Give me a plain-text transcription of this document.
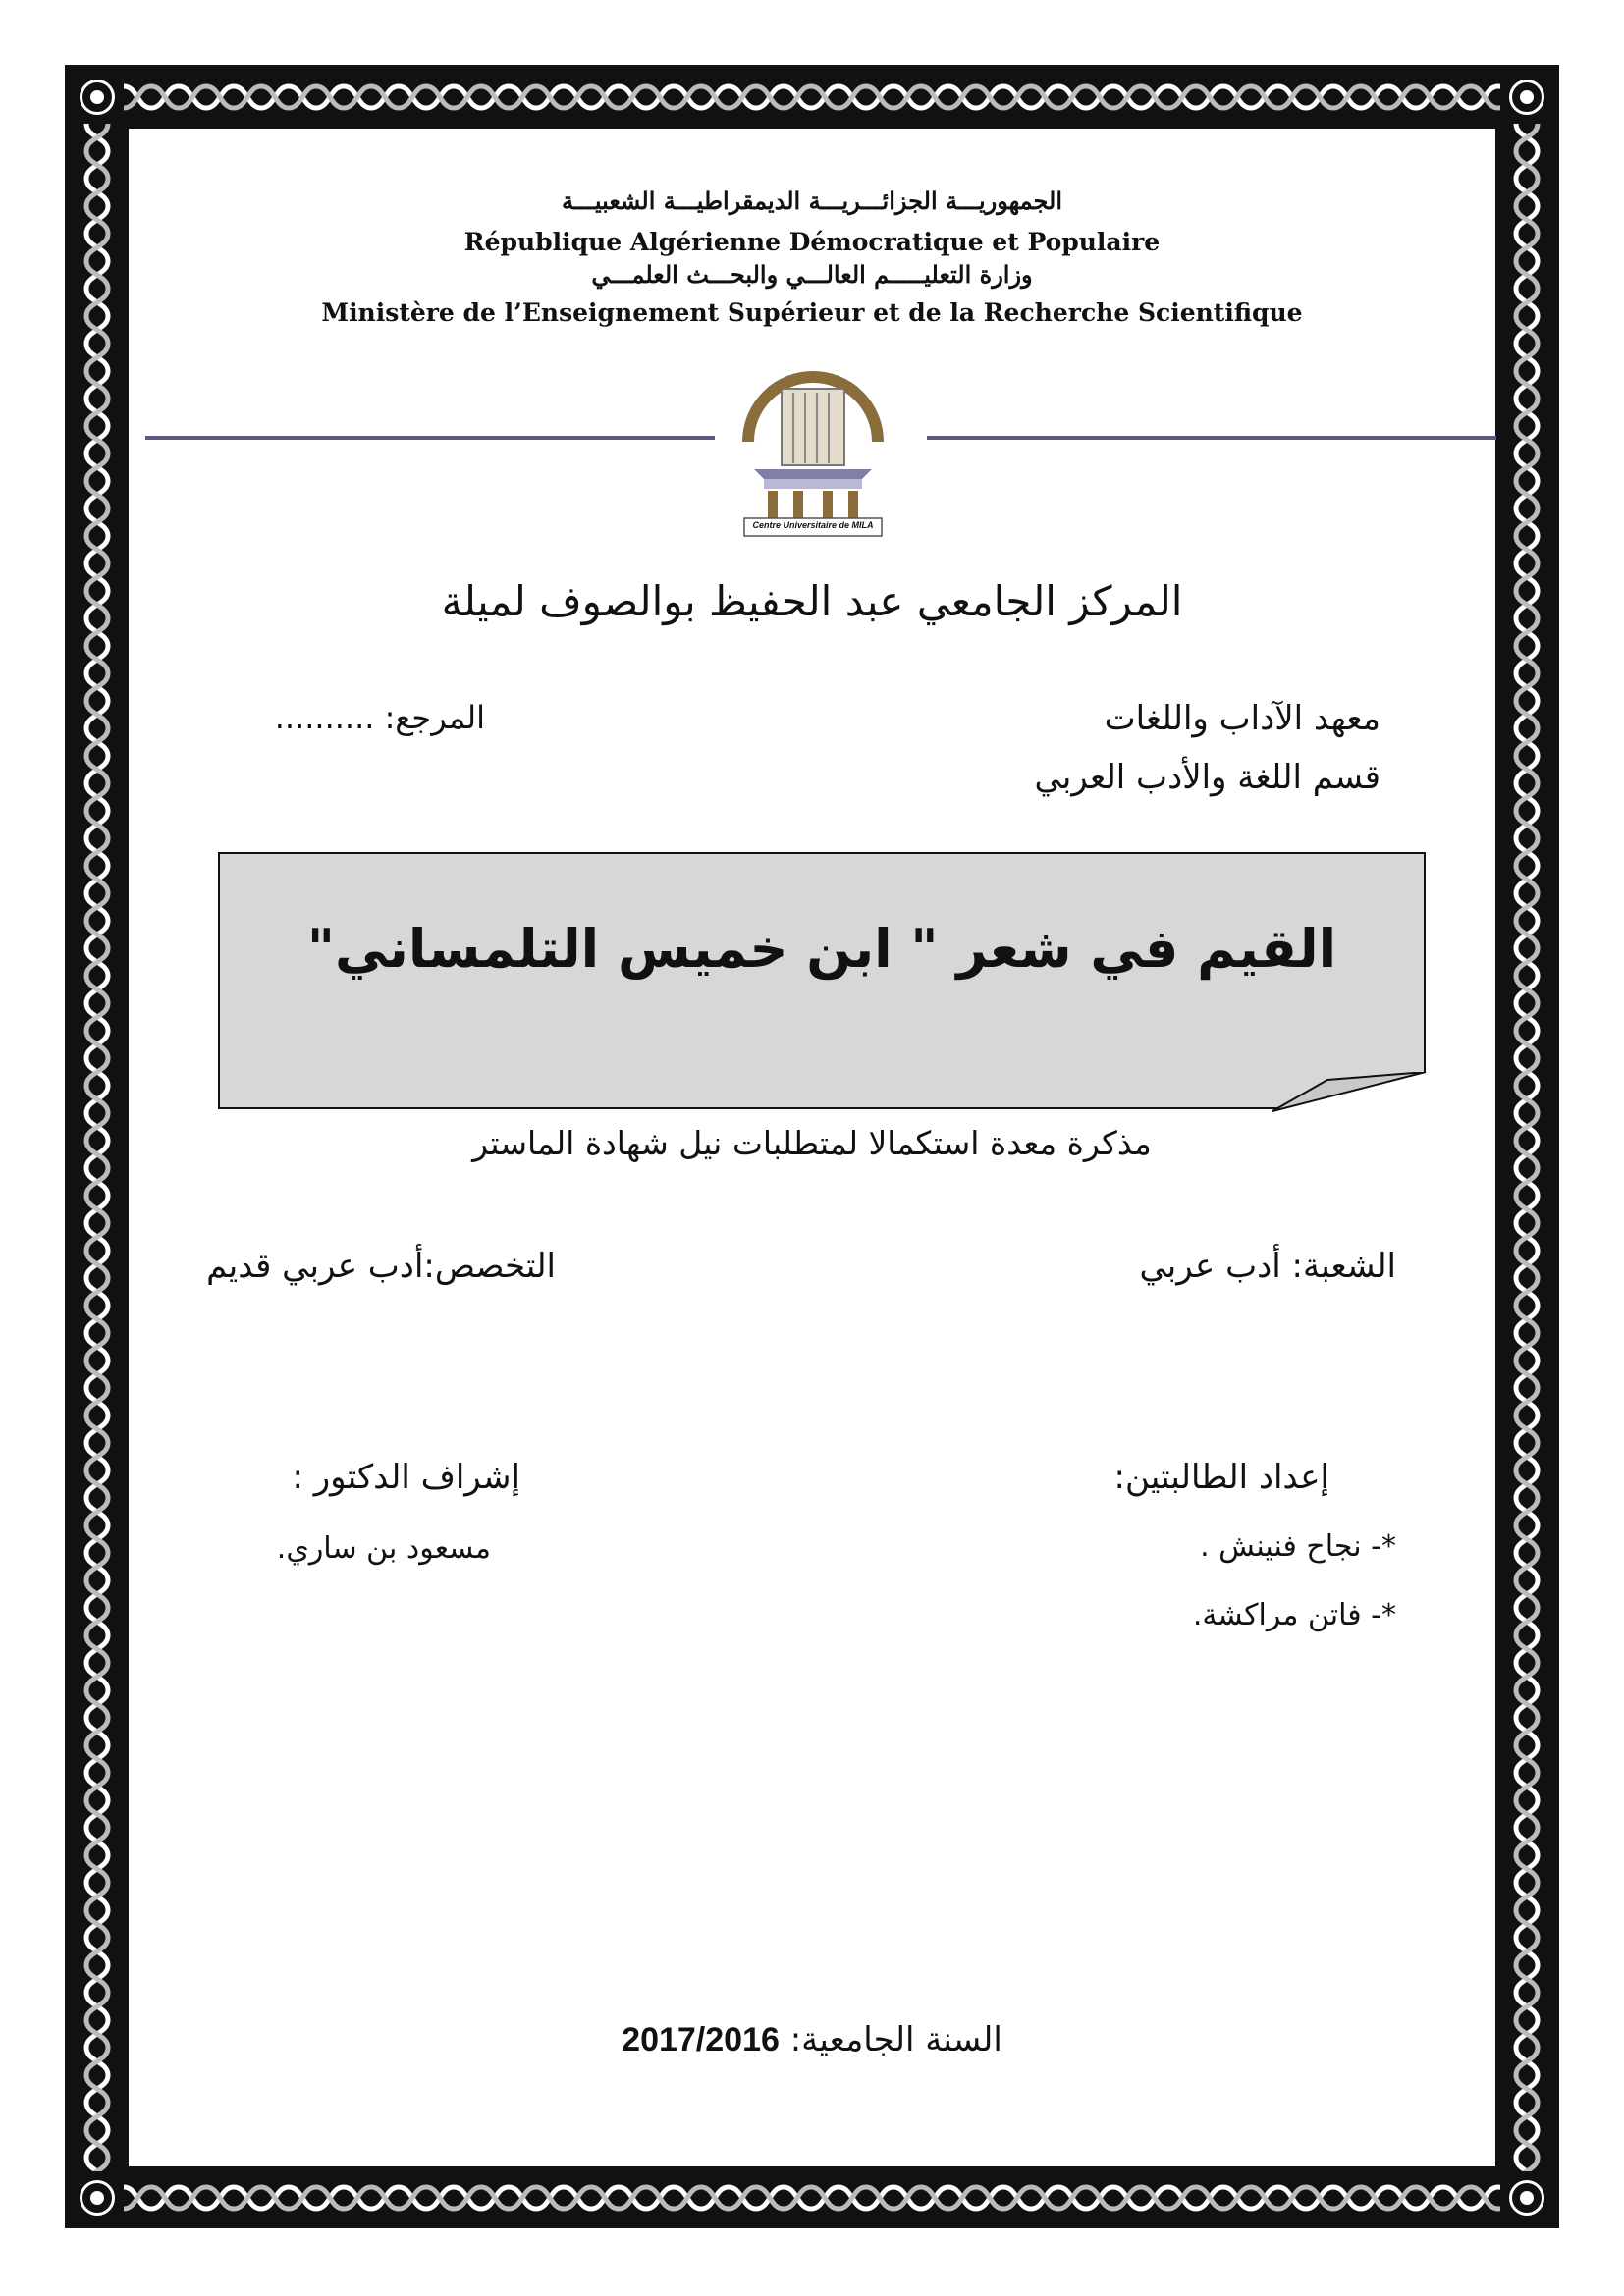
الجمهوريـــة الجزائـــريـــة الديمقراطيـــة الشعبيـــة
République Algérienne Démocratique et Populaire
وزارة التعليـــــم العالـــي والبحـــث العلمـــي
Ministère de l’Enseignement Supérieur et de la Recherche Scientifique
Centre Universitaire de MILA
المركز الجامعي عبد الحفيظ بوالصوف لميلة
معهد الآداب واللغات
المرجع: ..........
قسم اللغة والأدب العربي
القيم في شعر " ابن خميس التلمساني"
مذكرة معدة استكمالا لمتطلبات نيل شهادة الماستر
الشعبة: أدب عربي
التخصص:أدب عربي قديم
إعداد الطالبتين:
إشراف الدكتور :
*- نجاح فنينش .
مسعود بن ساري.
*- فاتن مراكشة.
السنة الجامعية: 2017/2016
